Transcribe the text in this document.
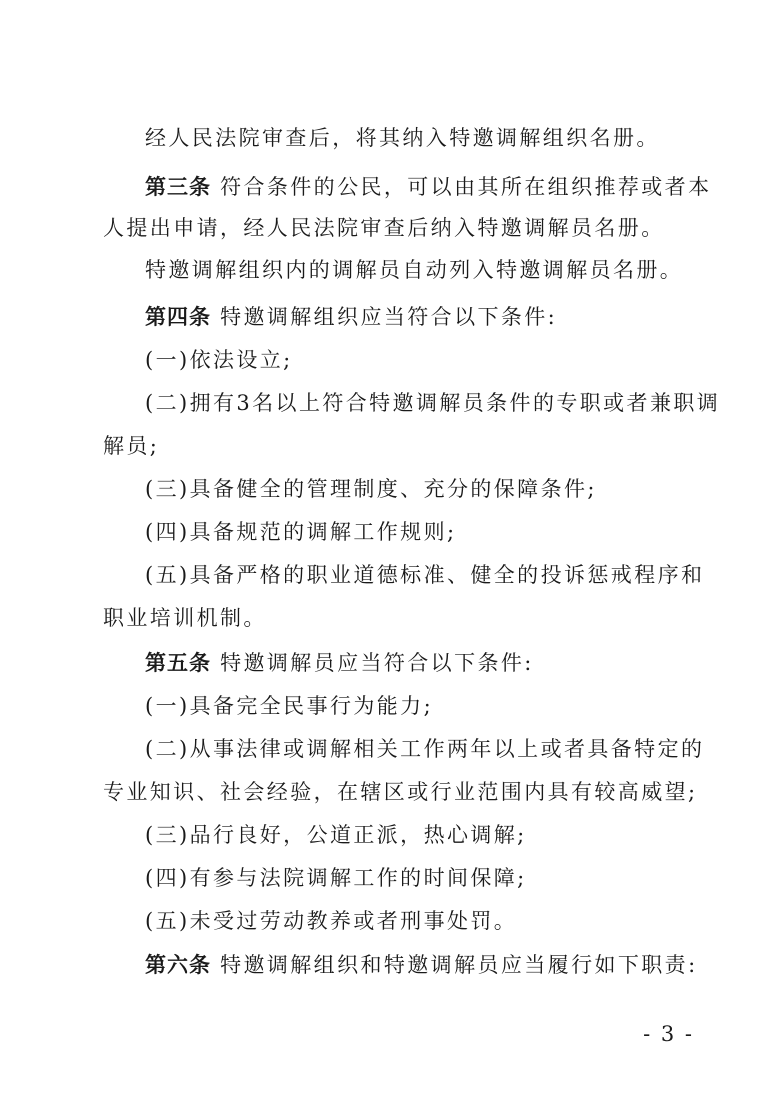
经人民法院审查后，将其纳入特邀调解组织名册。
第三条 符合条件的公民，可以由其所在组织推荐或者本
人提出申请，经人民法院审查后纳入特邀调解员名册。
特邀调解组织内的调解员自动列入特邀调解员名册。
第四条 特邀调解组织应当符合以下条件:
(一)依法设立;
(二)拥有3名以上符合特邀调解员条件的专职或者兼职调
解员;
(三)具备健全的管理制度、充分的保障条件;
(四)具备规范的调解工作规则;
(五)具备严格的职业道德标准、健全的投诉惩戒程序和
职业培训机制。
第五条 特邀调解员应当符合以下条件:
(一)具备完全民事行为能力;
(二)从事法律或调解相关工作两年以上或者具备特定的
专业知识、社会经验，在辖区或行业范围内具有较高威望;
(三)品行良好，公道正派，热心调解;
(四)有参与法院调解工作的时间保障;
(五)未受过劳动教养或者刑事处罚。
第六条 特邀调解组织和特邀调解员应当履行如下职责:
- 3 -
